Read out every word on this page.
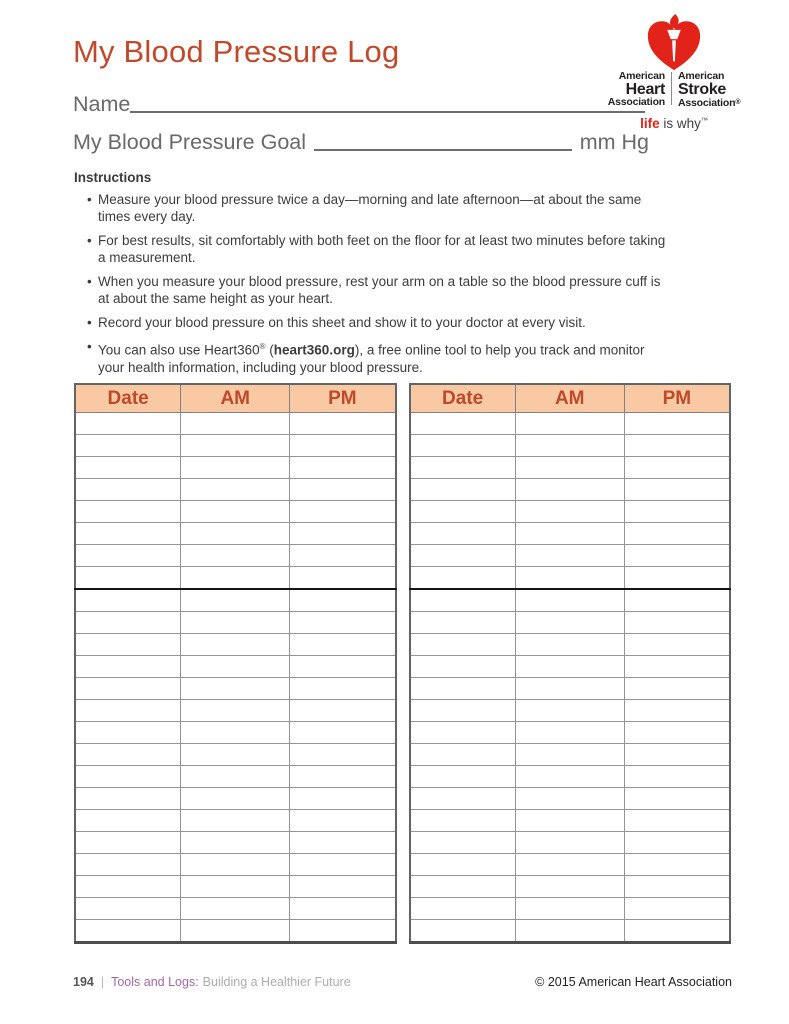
My Blood Pressure Log
American
Heart
Association
American
Stroke
Association®
life is why™
Name
My Blood Pressure Goal	mm Hg
Instructions
• Measure your blood pressure twice a day—morning and late afternoon—at about the same times every day.
• For best results, sit comfortably with both feet on the floor for at least two minutes before taking a measurement.
• When you measure your blood pressure, rest your arm on a table so the blood pressure cuff is at about the same height as your heart.
• Record your blood pressure on this sheet and show it to your doctor at every visit.
• You can also use Heart360® (heart360.org), a free online tool to help you track and monitor your health information, including your blood pressure.
Date	AM	PM

			Date	AM	PM

194 | Tools and Logs: Building a Healthier Future	© 2015 American Heart Association
